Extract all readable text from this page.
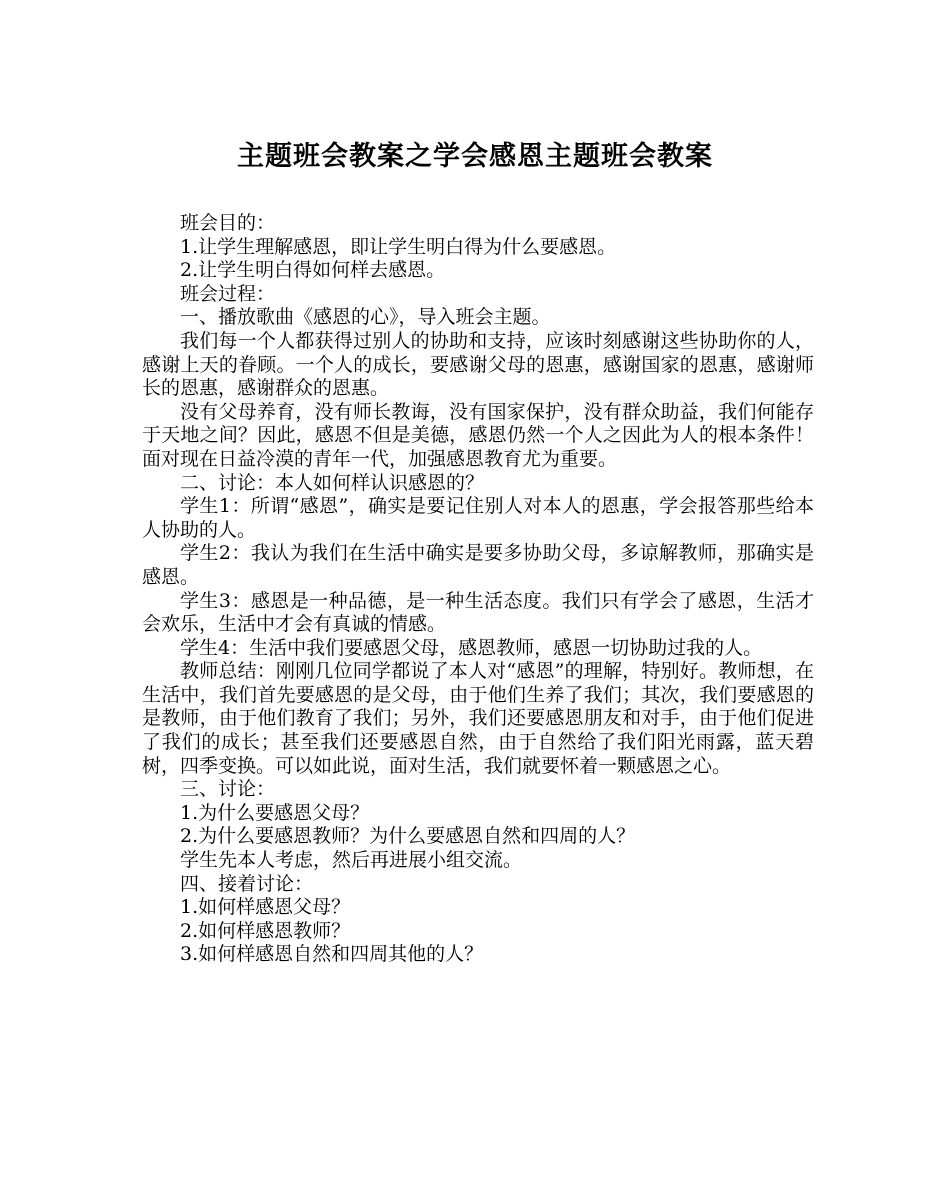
主题班会教案之学会感恩主题班会教案

班会目的：

1.让学生理解感恩，即让学生明白得为什么要感恩。

2.让学生明白得如何样去感恩。

班会过程：

一、播放歌曲《感恩的心》，导入班会主题。

我们每一个人都获得过别人的协助和支持，应该时刻感谢这些协助你的人，感谢上天的眷顾。一个人的成长，要感谢父母的恩惠，感谢国家的恩惠，感谢师长的恩惠，感谢群众的恩惠。

没有父母养育，没有师长教诲，没有国家保护，没有群众助益，我们何能存于天地之间？因此，感恩不但是美德，感恩仍然一个人之因此为人的根本条件！面对现在日益冷漠的青年一代，加强感恩教育尤为重要。

二、讨论：本人如何样认识感恩的？

学生1：所谓“感恩”，确实是要记住别人对本人的恩惠，学会报答那些给本人协助的人。

学生2：我认为我们在生活中确实是要多协助父母，多谅解教师，那确实是感恩。

学生3：感恩是一种品德，是一种生活态度。我们只有学会了感恩，生活才会欢乐，生活中才会有真诚的情感。

学生4：生活中我们要感恩父母，感恩教师，感恩一切协助过我的人。

教师总结：刚刚几位同学都说了本人对“感恩”的理解，特别好。教师想，在生活中，我们首先要感恩的是父母，由于他们生养了我们；其次，我们要感恩的是教师，由于他们教育了我们；另外，我们还要感恩朋友和对手，由于他们促进了我们的成长；甚至我们还要感恩自然，由于自然给了我们阳光雨露，蓝天碧树，四季变换。可以如此说，面对生活，我们就要怀着一颗感恩之心。

三、讨论：

1.为什么要感恩父母？

2.为什么要感恩教师？为什么要感恩自然和四周的人？

学生先本人考虑，然后再进展小组交流。

四、接着讨论：

1.如何样感恩父母？

2.如何样感恩教师？

3.如何样感恩自然和四周其他的人？
